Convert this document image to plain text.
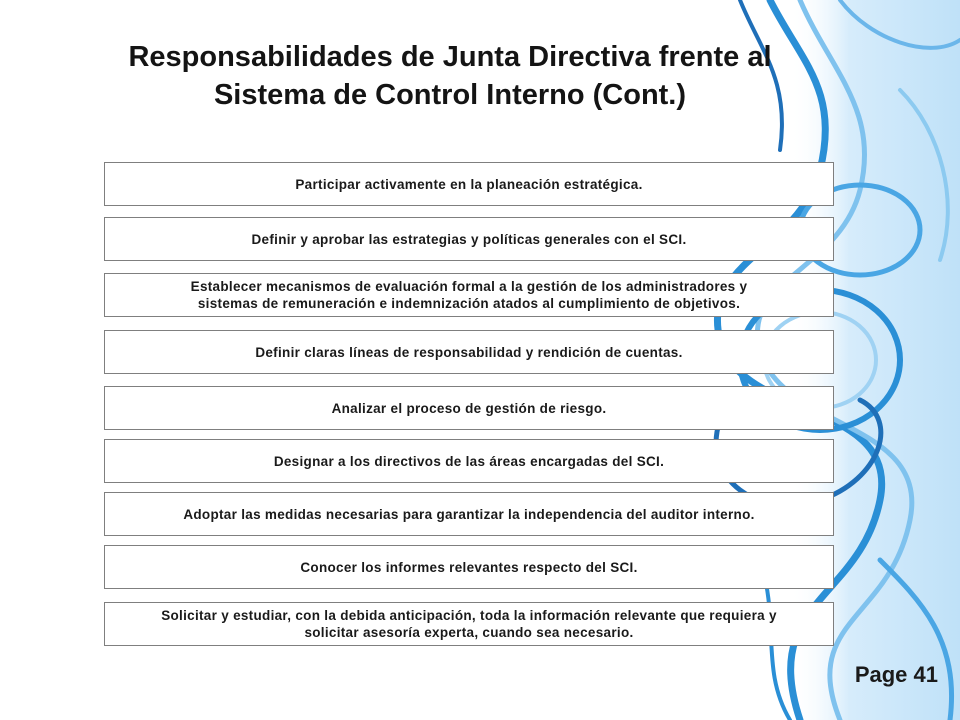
Responsabilidades de Junta Directiva frente al
Sistema de Control Interno (Cont.)
Participar activamente en la planeación estratégica.
Definir y aprobar las estrategias y políticas generales con el SCI.
Establecer mecanismos de evaluación formal a la gestión de los administradores y
sistemas de remuneración e indemnización atados al cumplimiento de objetivos.
Definir claras líneas de responsabilidad y rendición de cuentas.
Analizar el proceso de gestión de riesgo.
Designar a los directivos de las áreas encargadas del SCI.
Adoptar las medidas necesarias para garantizar la independencia del auditor interno.
Conocer los informes relevantes respecto del SCI.
Solicitar y estudiar, con la debida anticipación, toda la información relevante que requiera y
solicitar asesoría experta, cuando sea necesario.
Page 41
